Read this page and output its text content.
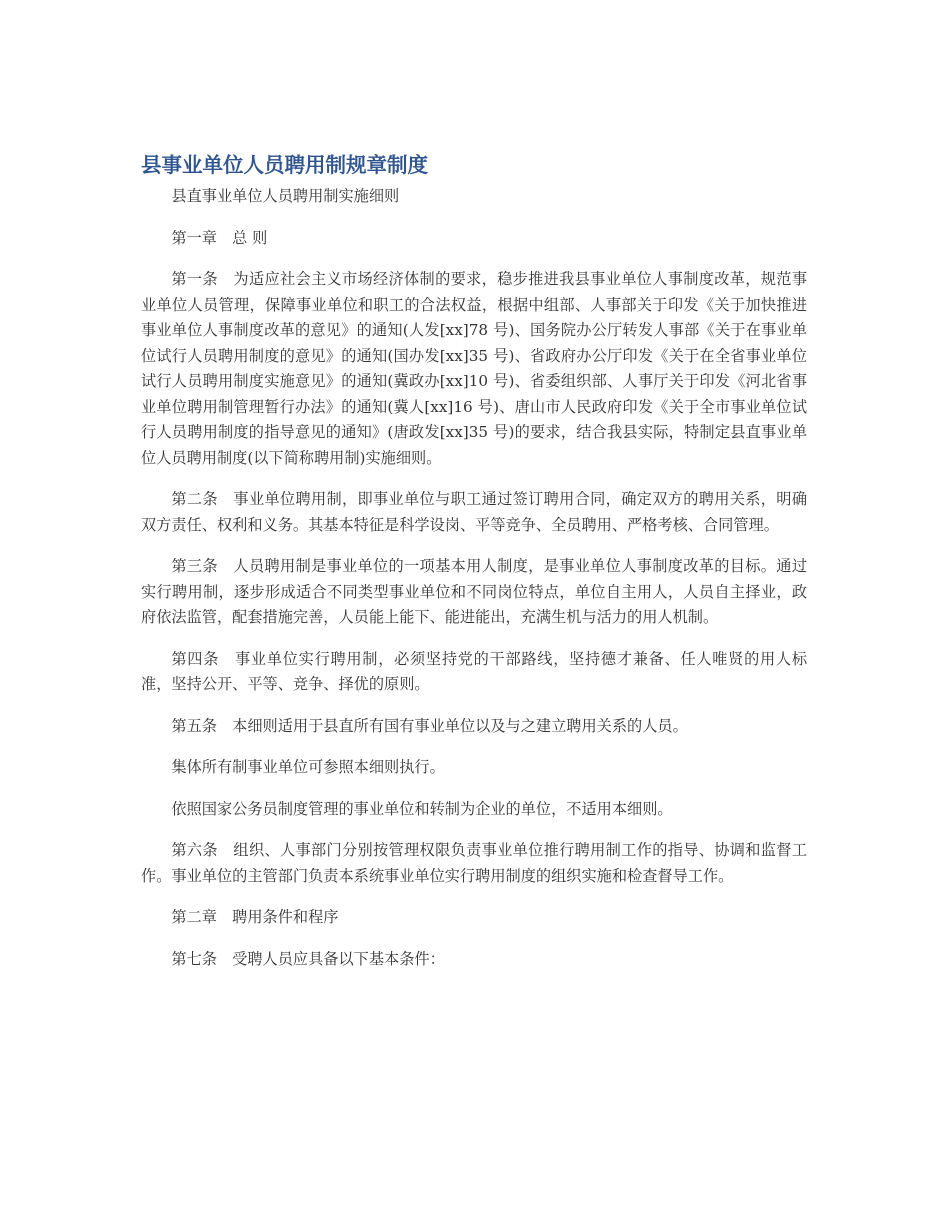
县事业单位人员聘用制规章制度

县直事业单位人员聘用制实施细则

第一章　总 则

第一条　为适应社会主义市场经济体制的要求，稳步推进我县事业单位人事制度改革，规范事业单位人员管理，保障事业单位和职工的合法权益，根据中组部、人事部关于印发《关于加快推进事业单位人事制度改革的意见》的通知(人发[xx]78 号)、国务院办公厅转发人事部《关于在事业单位试行人员聘用制度的意见》的通知(国办发[xx]35 号)、省政府办公厅印发《关于在全省事业单位试行人员聘用制度实施意见》的通知(冀政办[xx]10 号)、省委组织部、人事厅关于印发《河北省事业单位聘用制管理暂行办法》的通知(冀人[xx]16 号)、唐山市人民政府印发《关于全市事业单位试行人员聘用制度的指导意见的通知》(唐政发[xx]35 号)的要求，结合我县实际，特制定县直事业单位人员聘用制度(以下简称聘用制)实施细则。

第二条　事业单位聘用制，即事业单位与职工通过签订聘用合同，确定双方的聘用关系，明确双方责任、权利和义务。其基本特征是科学设岗、平等竞争、全员聘用、严格考核、合同管理。

第三条　人员聘用制是事业单位的一项基本用人制度，是事业单位人事制度改革的目标。通过实行聘用制，逐步形成适合不同类型事业单位和不同岗位特点，单位自主用人，人员自主择业，政府依法监管，配套措施完善，人员能上能下、能进能出，充满生机与活力的用人机制。

第四条　事业单位实行聘用制，必须坚持党的干部路线，坚持德才兼备、任人唯贤的用人标准，坚持公开、平等、竞争、择优的原则。

第五条　本细则适用于县直所有国有事业单位以及与之建立聘用关系的人员。

集体所有制事业单位可参照本细则执行。

依照国家公务员制度管理的事业单位和转制为企业的单位，不适用本细则。

第六条　组织、人事部门分别按管理权限负责事业单位推行聘用制工作的指导、协调和监督工作。事业单位的主管部门负责本系统事业单位实行聘用制度的组织实施和检查督导工作。

第二章　聘用条件和程序

第七条　受聘人员应具备以下基本条件：
